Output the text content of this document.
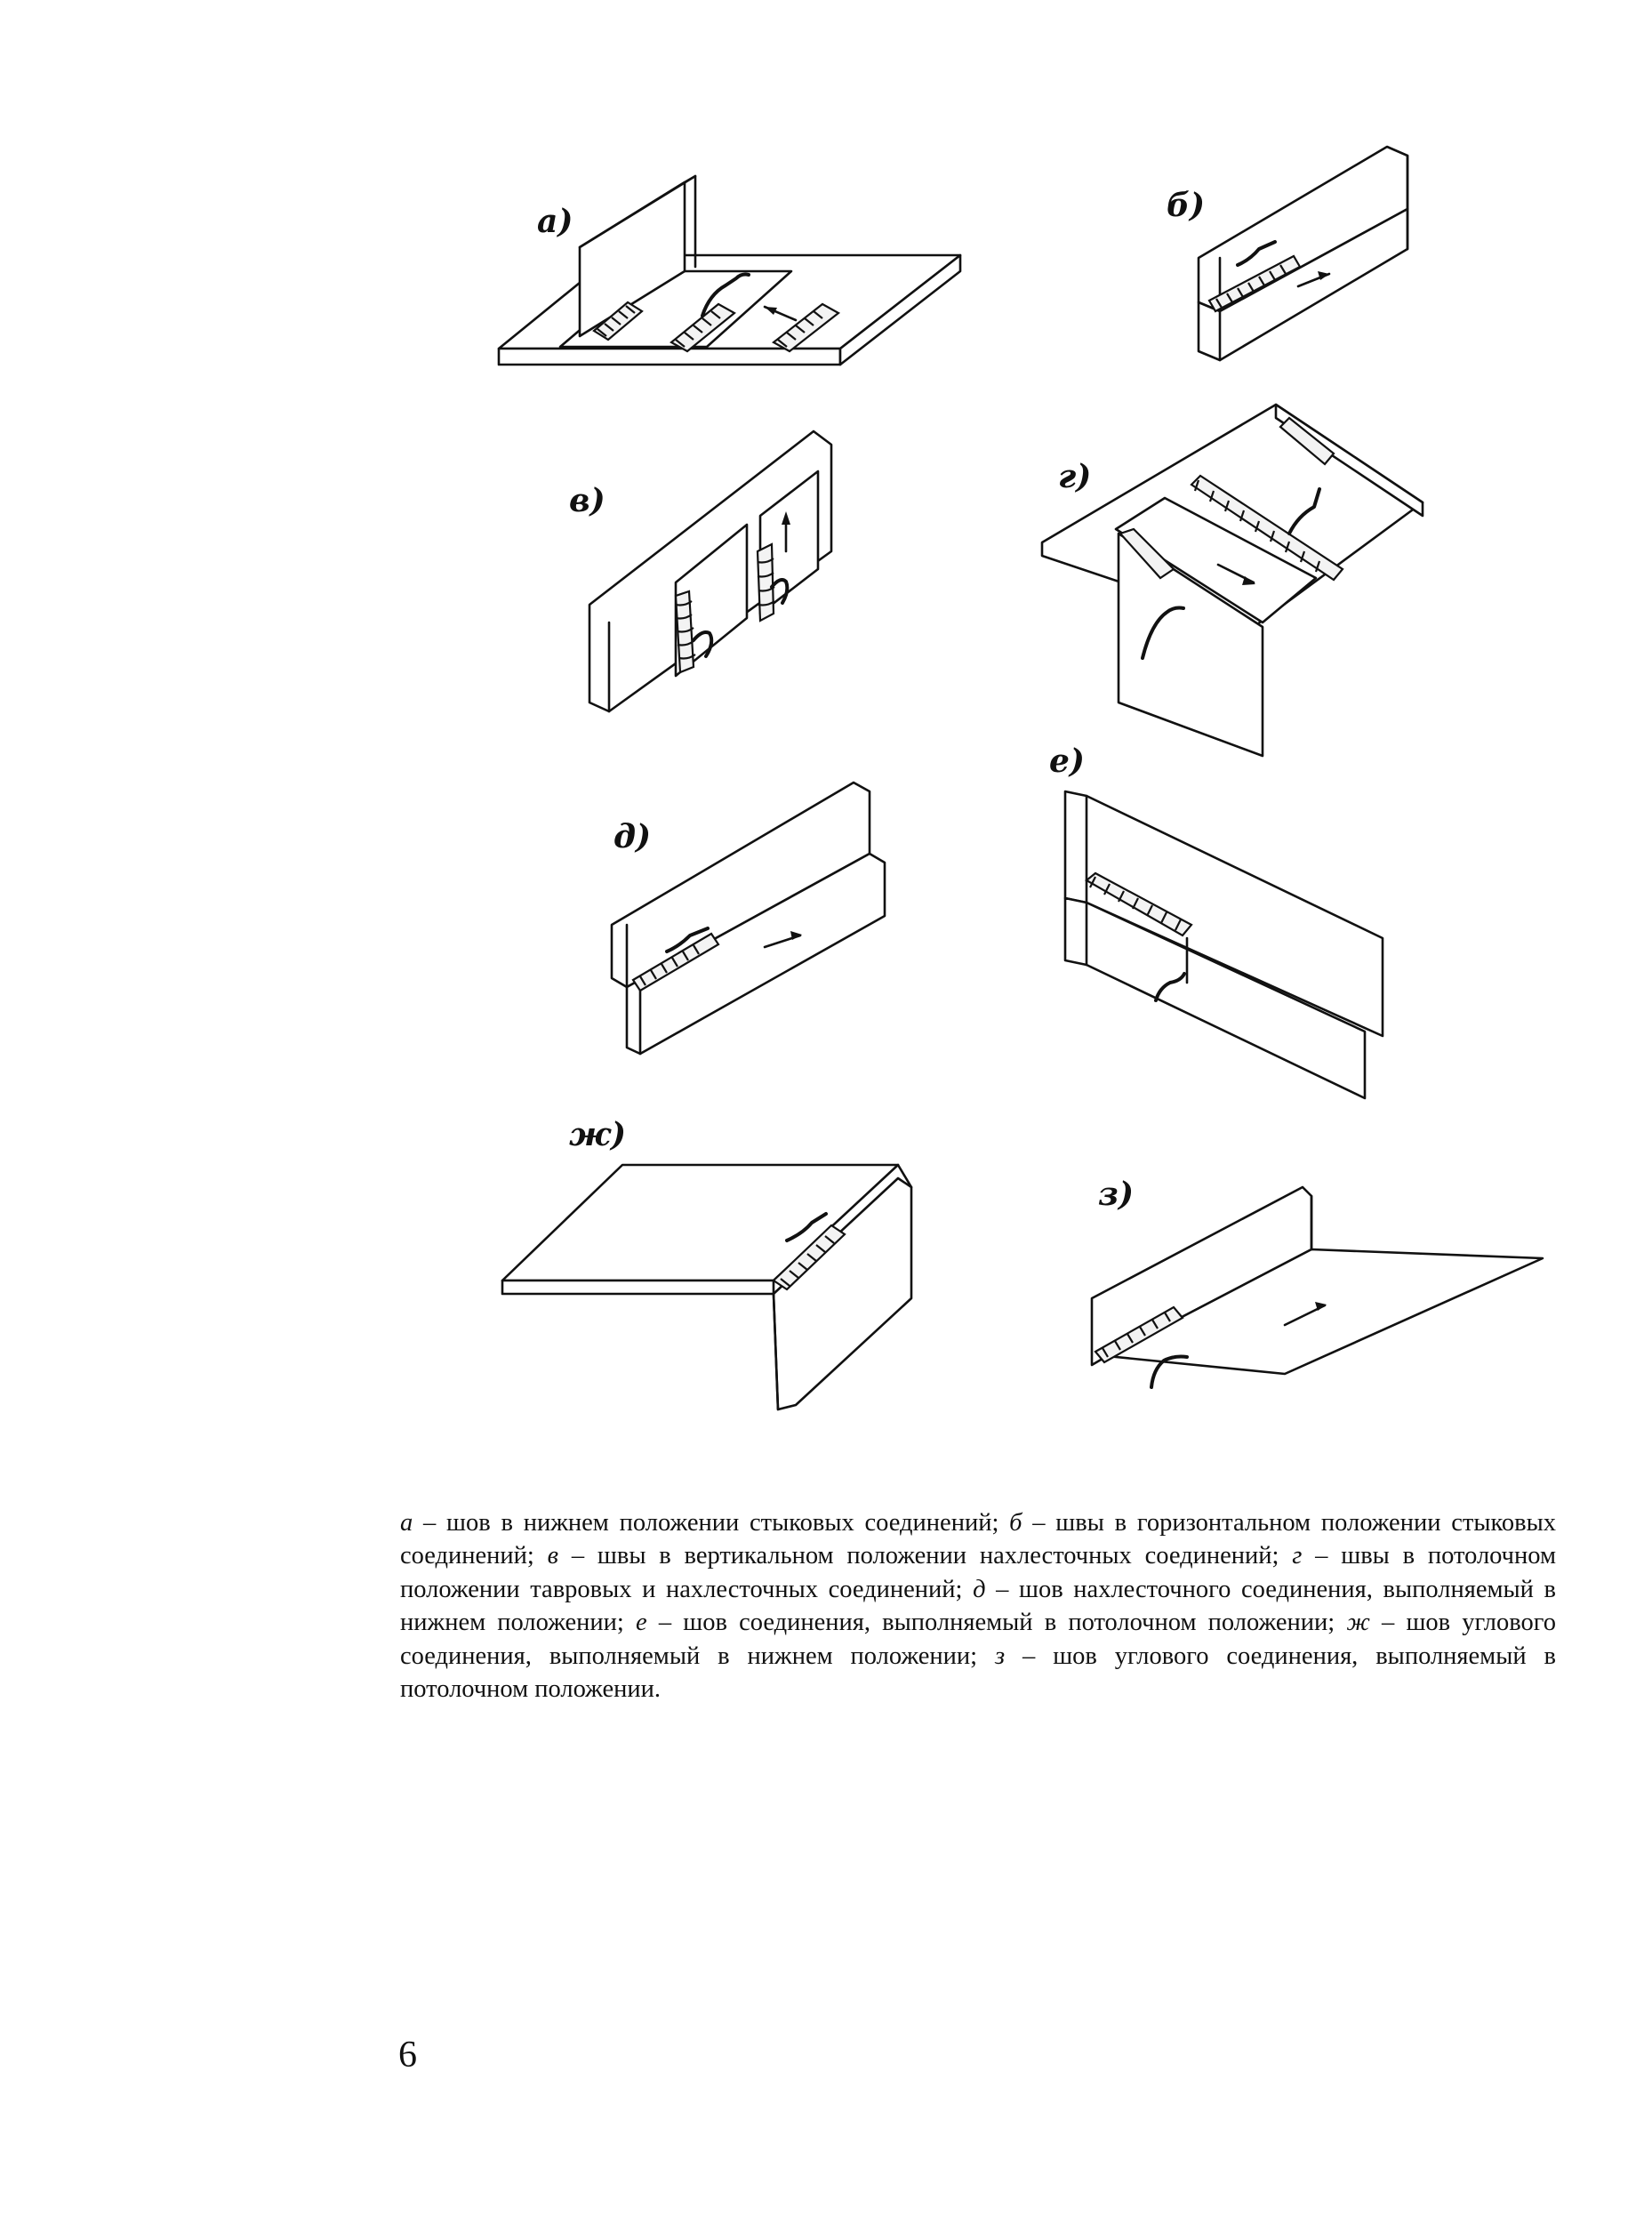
а)	б)
в)
г)
д)
е)
ж)
з)

а – шов в нижнем положении стыковых соединений; б – швы в горизонтальном положении стыковых соединений; в – швы в вертикальном положении нахлесточных соединений; г – швы в потолочном положении тавровых и нахлесточных соединений; д – шов нахлесточного соединения, выполняемый в нижнем положении; е – шов соединения, выполняемый в потолочном положении; ж – шов углового соединения, выполняемый в нижнем положении; з – шов углового соединения, выполняемый в потолочном положении.

6
